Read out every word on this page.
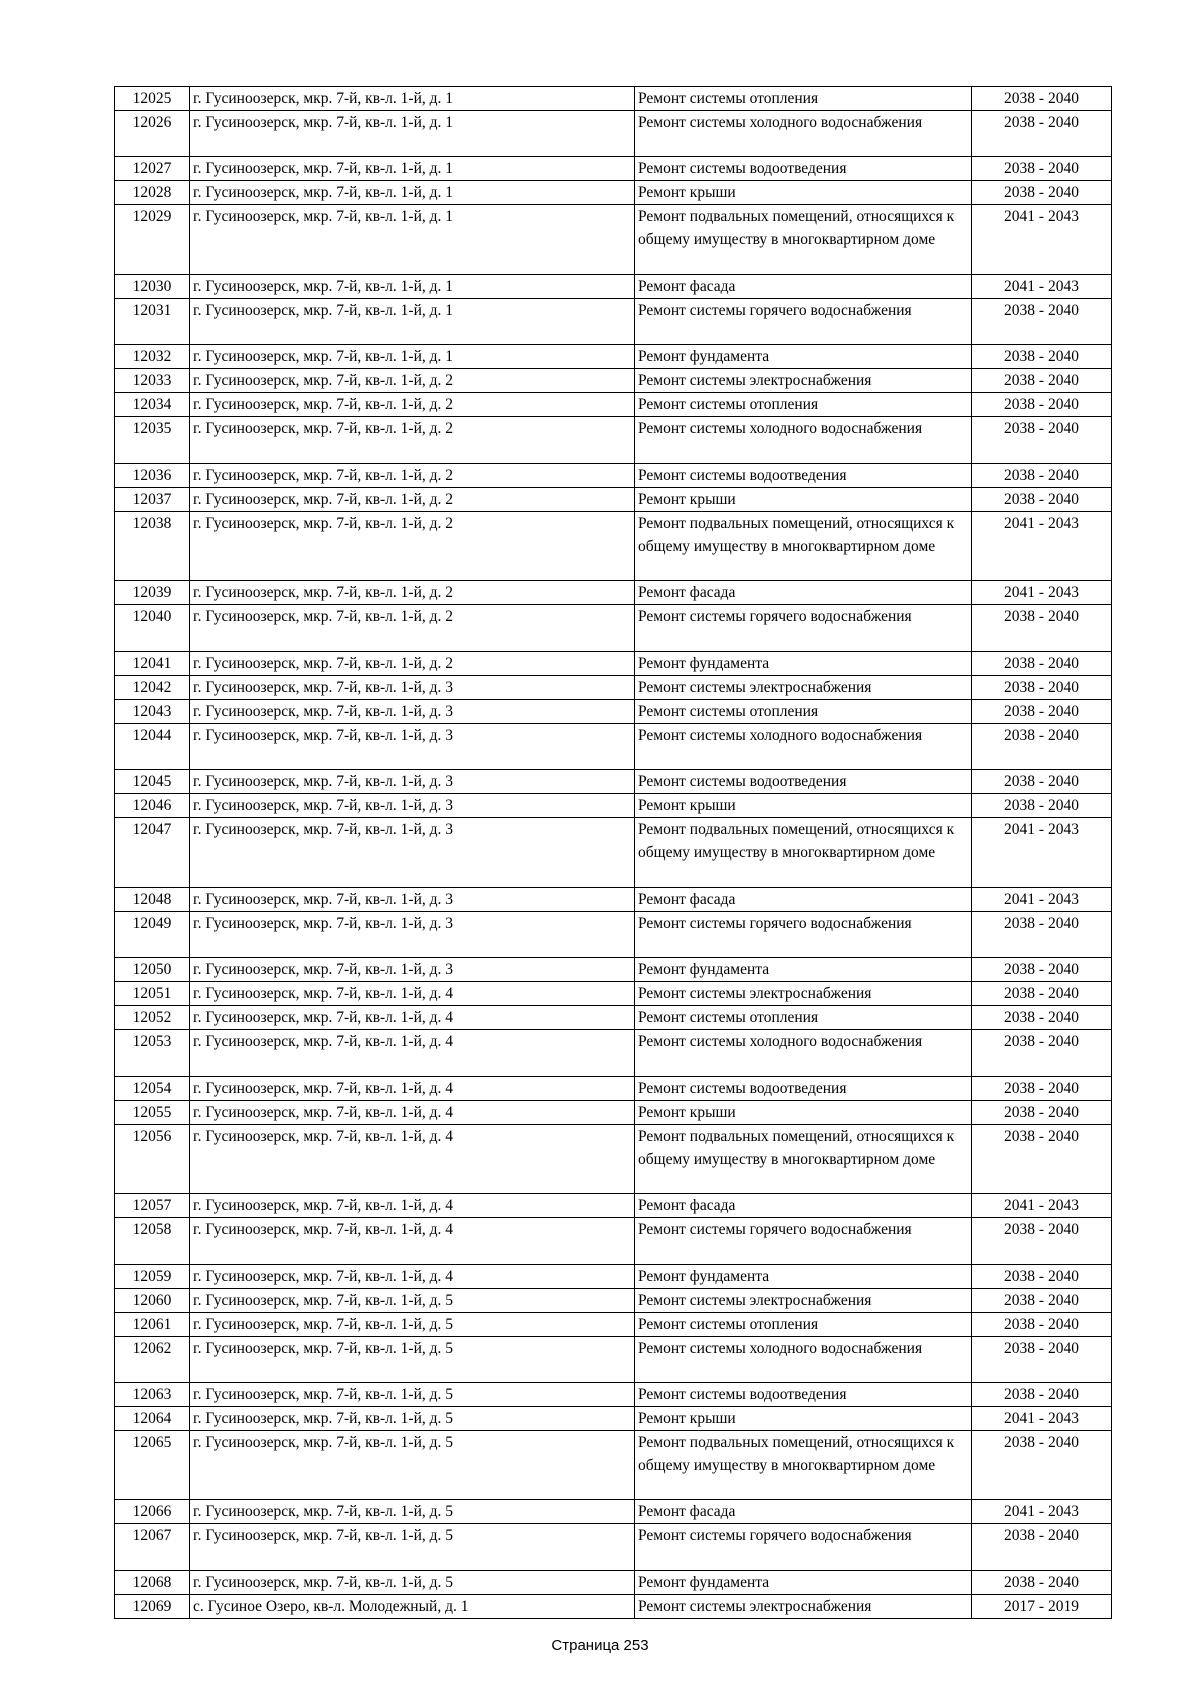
12025	г. Гусиноозерск, мкр. 7-й, кв-л. 1-й, д. 1	Ремонт системы отопления	2038 - 2040
12026	г. Гусиноозерск, мкр. 7-й, кв-л. 1-й, д. 1	Ремонт системы холодного водоснабжения	2038 - 2040
12027	г. Гусиноозерск, мкр. 7-й, кв-л. 1-й, д. 1	Ремонт системы водоотведения	2038 - 2040
12028	г. Гусиноозерск, мкр. 7-й, кв-л. 1-й, д. 1	Ремонт крыши	2038 - 2040
12029	г. Гусиноозерск, мкр. 7-й, кв-л. 1-й, д. 1	Ремонт подвальных помещений, относящихся к общему имуществу в многоквартирном доме	2041 - 2043
12030	г. Гусиноозерск, мкр. 7-й, кв-л. 1-й, д. 1	Ремонт фасада	2041 - 2043
12031	г. Гусиноозерск, мкр. 7-й, кв-л. 1-й, д. 1	Ремонт системы горячего водоснабжения	2038 - 2040
12032	г. Гусиноозерск, мкр. 7-й, кв-л. 1-й, д. 1	Ремонт фундамента	2038 - 2040
12033	г. Гусиноозерск, мкр. 7-й, кв-л. 1-й, д. 2	Ремонт системы электроснабжения	2038 - 2040
12034	г. Гусиноозерск, мкр. 7-й, кв-л. 1-й, д. 2	Ремонт системы отопления	2038 - 2040
12035	г. Гусиноозерск, мкр. 7-й, кв-л. 1-й, д. 2	Ремонт системы холодного водоснабжения	2038 - 2040
12036	г. Гусиноозерск, мкр. 7-й, кв-л. 1-й, д. 2	Ремонт системы водоотведения	2038 - 2040
12037	г. Гусиноозерск, мкр. 7-й, кв-л. 1-й, д. 2	Ремонт крыши	2038 - 2040
12038	г. Гусиноозерск, мкр. 7-й, кв-л. 1-й, д. 2	Ремонт подвальных помещений, относящихся к общему имуществу в многоквартирном доме	2041 - 2043
12039	г. Гусиноозерск, мкр. 7-й, кв-л. 1-й, д. 2	Ремонт фасада	2041 - 2043
12040	г. Гусиноозерск, мкр. 7-й, кв-л. 1-й, д. 2	Ремонт системы горячего водоснабжения	2038 - 2040
12041	г. Гусиноозерск, мкр. 7-й, кв-л. 1-й, д. 2	Ремонт фундамента	2038 - 2040
12042	г. Гусиноозерск, мкр. 7-й, кв-л. 1-й, д. 3	Ремонт системы электроснабжения	2038 - 2040
12043	г. Гусиноозерск, мкр. 7-й, кв-л. 1-й, д. 3	Ремонт системы отопления	2038 - 2040
12044	г. Гусиноозерск, мкр. 7-й, кв-л. 1-й, д. 3	Ремонт системы холодного водоснабжения	2038 - 2040
12045	г. Гусиноозерск, мкр. 7-й, кв-л. 1-й, д. 3	Ремонт системы водоотведения	2038 - 2040
12046	г. Гусиноозерск, мкр. 7-й, кв-л. 1-й, д. 3	Ремонт крыши	2038 - 2040
12047	г. Гусиноозерск, мкр. 7-й, кв-л. 1-й, д. 3	Ремонт подвальных помещений, относящихся к общему имуществу в многоквартирном доме	2041 - 2043
12048	г. Гусиноозерск, мкр. 7-й, кв-л. 1-й, д. 3	Ремонт фасада	2041 - 2043
12049	г. Гусиноозерск, мкр. 7-й, кв-л. 1-й, д. 3	Ремонт системы горячего водоснабжения	2038 - 2040
12050	г. Гусиноозерск, мкр. 7-й, кв-л. 1-й, д. 3	Ремонт фундамента	2038 - 2040
12051	г. Гусиноозерск, мкр. 7-й, кв-л. 1-й, д. 4	Ремонт системы электроснабжения	2038 - 2040
12052	г. Гусиноозерск, мкр. 7-й, кв-л. 1-й, д. 4	Ремонт системы отопления	2038 - 2040
12053	г. Гусиноозерск, мкр. 7-й, кв-л. 1-й, д. 4	Ремонт системы холодного водоснабжения	2038 - 2040
12054	г. Гусиноозерск, мкр. 7-й, кв-л. 1-й, д. 4	Ремонт системы водоотведения	2038 - 2040
12055	г. Гусиноозерск, мкр. 7-й, кв-л. 1-й, д. 4	Ремонт крыши	2038 - 2040
12056	г. Гусиноозерск, мкр. 7-й, кв-л. 1-й, д. 4	Ремонт подвальных помещений, относящихся к общему имуществу в многоквартирном доме	2038 - 2040
12057	г. Гусиноозерск, мкр. 7-й, кв-л. 1-й, д. 4	Ремонт фасада	2041 - 2043
12058	г. Гусиноозерск, мкр. 7-й, кв-л. 1-й, д. 4	Ремонт системы горячего водоснабжения	2038 - 2040
12059	г. Гусиноозерск, мкр. 7-й, кв-л. 1-й, д. 4	Ремонт фундамента	2038 - 2040
12060	г. Гусиноозерск, мкр. 7-й, кв-л. 1-й, д. 5	Ремонт системы электроснабжения	2038 - 2040
12061	г. Гусиноозерск, мкр. 7-й, кв-л. 1-й, д. 5	Ремонт системы отопления	2038 - 2040
12062	г. Гусиноозерск, мкр. 7-й, кв-л. 1-й, д. 5	Ремонт системы холодного водоснабжения	2038 - 2040
12063	г. Гусиноозерск, мкр. 7-й, кв-л. 1-й, д. 5	Ремонт системы водоотведения	2038 - 2040
12064	г. Гусиноозерск, мкр. 7-й, кв-л. 1-й, д. 5	Ремонт крыши	2041 - 2043
12065	г. Гусиноозерск, мкр. 7-й, кв-л. 1-й, д. 5	Ремонт подвальных помещений, относящихся к общему имуществу в многоквартирном доме	2038 - 2040
12066	г. Гусиноозерск, мкр. 7-й, кв-л. 1-й, д. 5	Ремонт фасада	2041 - 2043
12067	г. Гусиноозерск, мкр. 7-й, кв-л. 1-й, д. 5	Ремонт системы горячего водоснабжения	2038 - 2040
12068	г. Гусиноозерск, мкр. 7-й, кв-л. 1-й, д. 5	Ремонт фундамента	2038 - 2040
12069	с. Гусиное Озеро, кв-л. Молодежный, д. 1	Ремонт системы электроснабжения	2017 - 2019
Страница 253
